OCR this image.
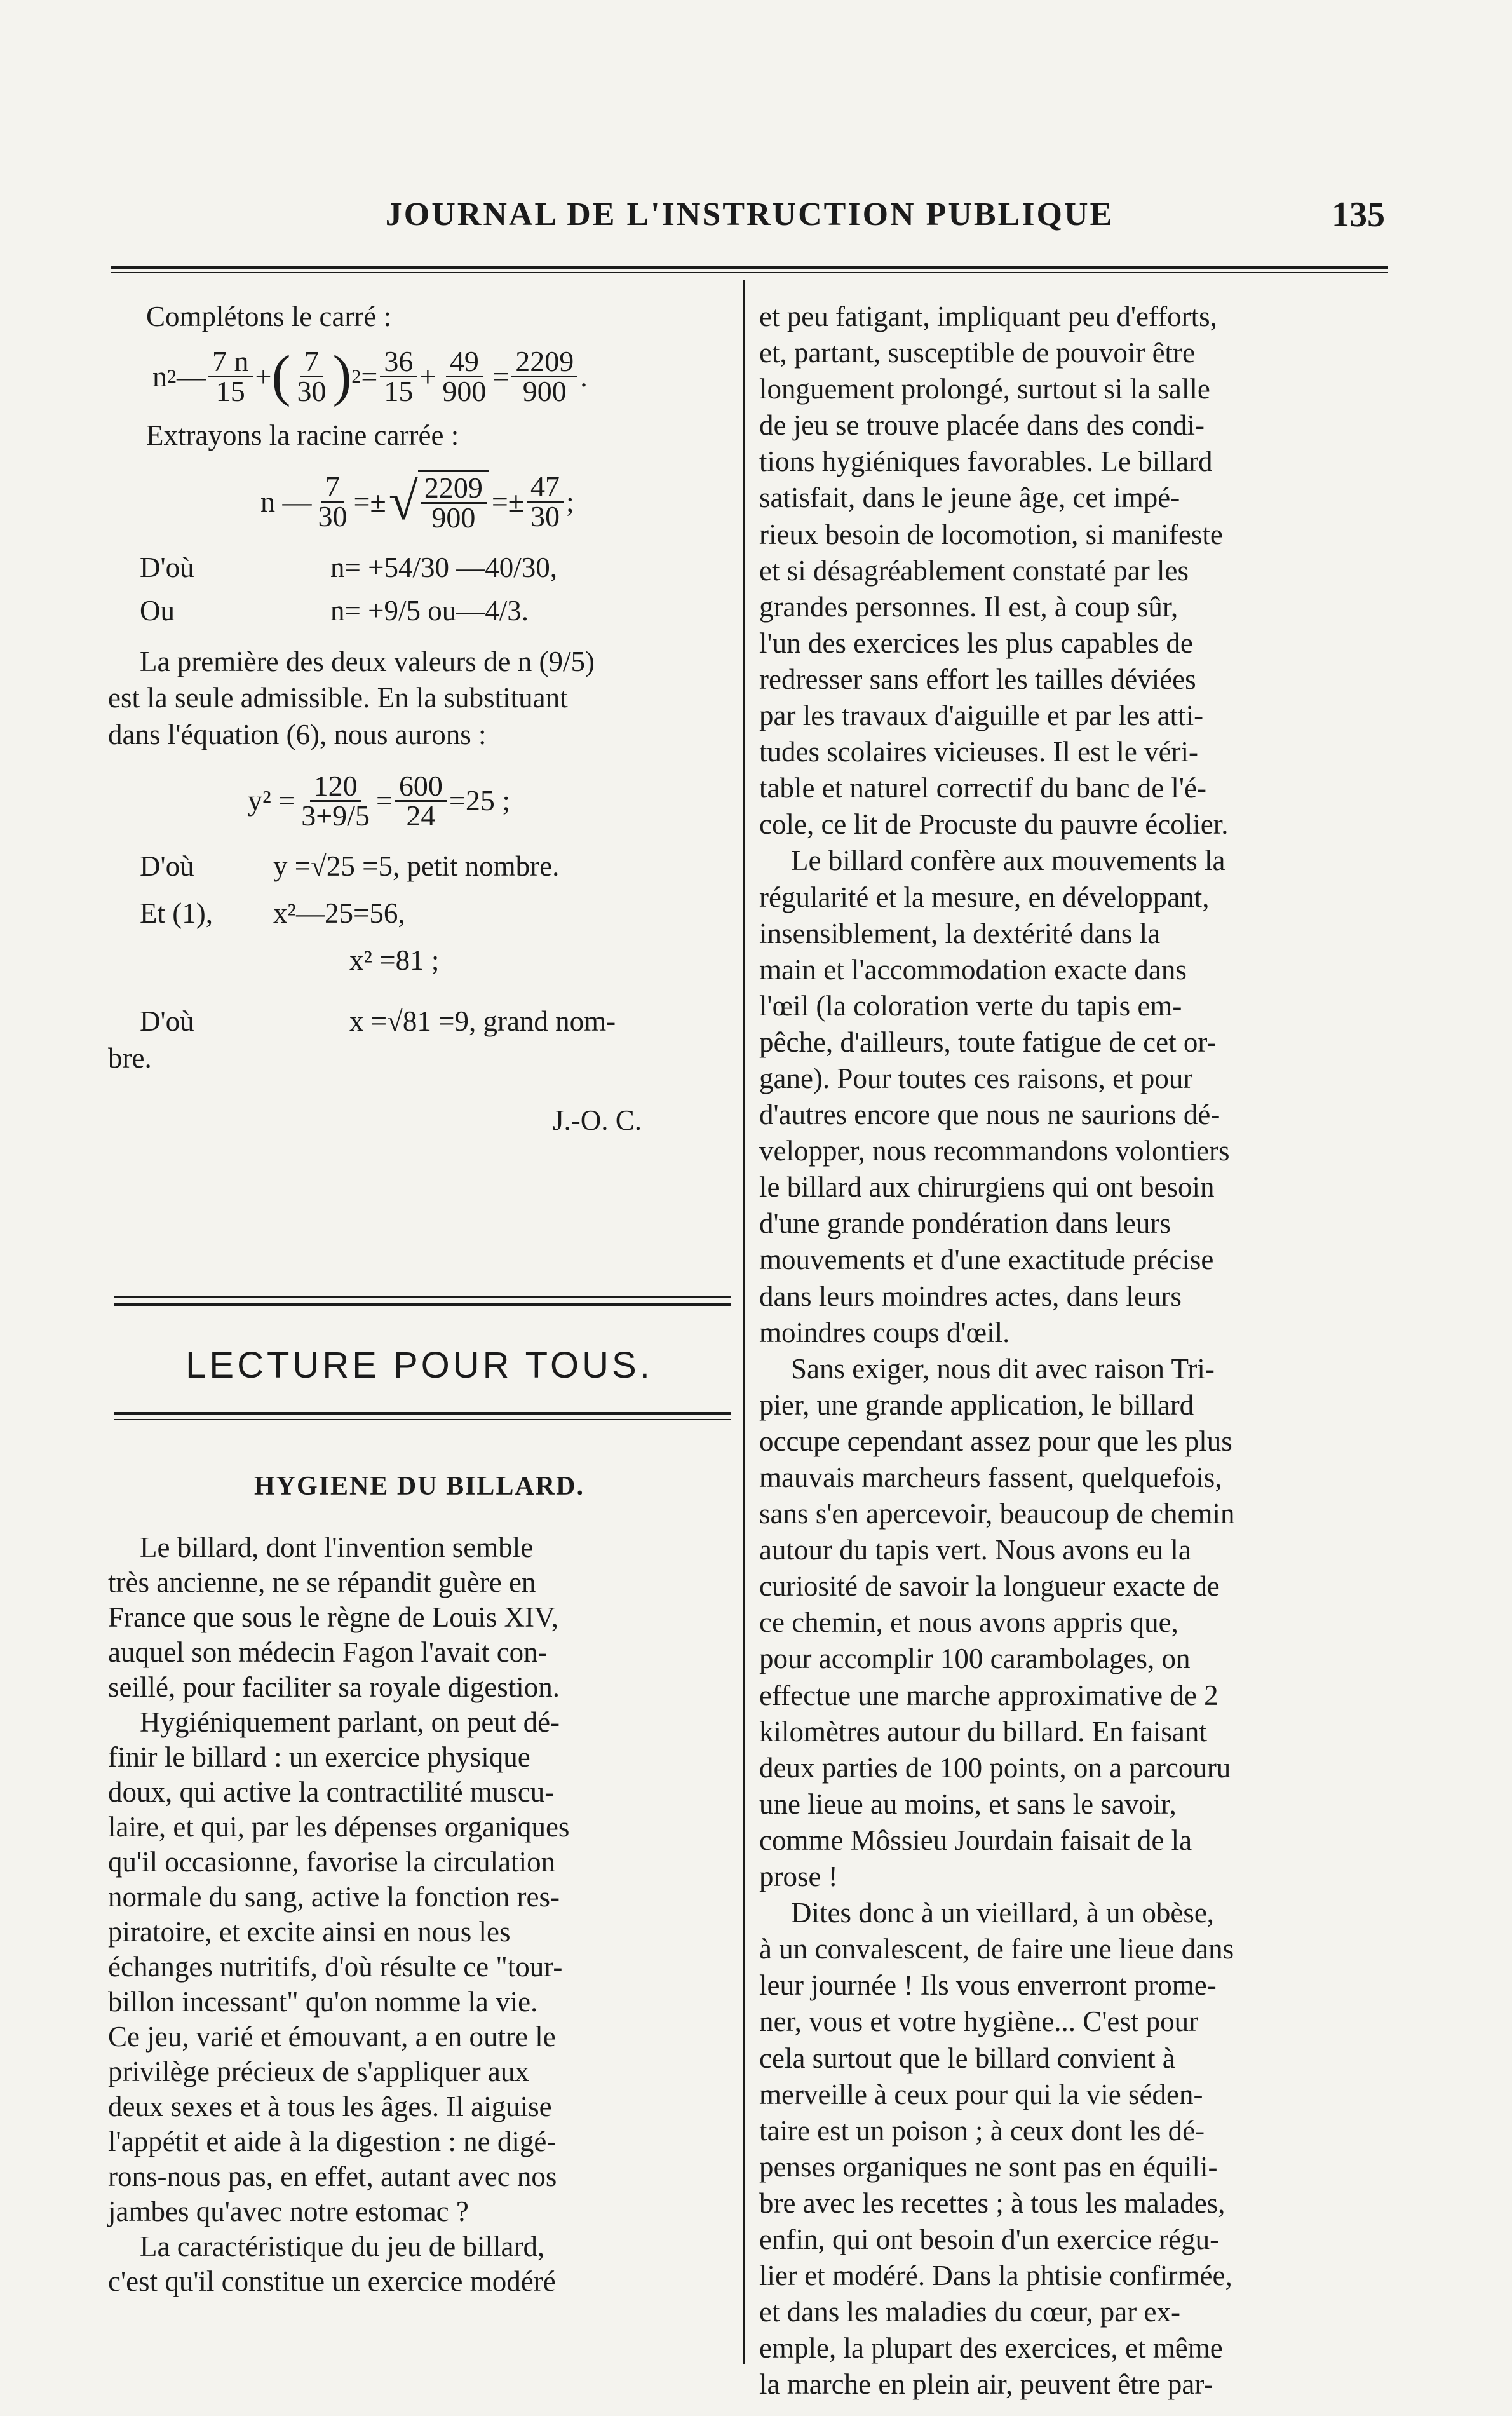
JOURNAL DE L'INSTRUCTION PUBLIQUE	135

Complétons le carré :

n 2 — $\frac{7 n}{15}$ + ( $\frac{7}{30}$ ) $2 = \frac{36}{15} + \frac{49}{900} = \frac{2209}{900}$ .

Extrayons la racine carrée :

n — $\frac{7}{30}$ =± √ $\frac{2209}{900} =\pm \frac{47}{30}$ ;
D'où	n= +54/30 —40/30,
Ou	n= +9/5 ou—4/3.
La première des deux valeurs de n (9/5)
est la seule admissible. En la substituant
dans l'équation (6), nous aurons :
$y^2 = \frac{120}{3+9/5} = \frac{600}{24} =25$ ;
D'où	y =√25 =5, petit nombre.
Et (1), x²—25=56,
x² =81 ;
D'où	x =√81 =9, grand nom-
bre.
J.-O. C.
LECTURE POUR TOUS.
HYGIENE DU BILLARD.
Le billard, dont l'invention semble
très ancienne, ne se répandit guère en
France que sous le règne de Louis XIV,
auquel son médecin Fagon l'avait con-
seillé, pour faciliter sa royale digestion.
Hygiéniquement parlant, on peut dé-
finir le billard : un exercice physique
doux, qui active la contractilité muscu-
laire, et qui, par les dépenses organiques
qu'il occasionne, favorise la circulation
normale du sang, active la fonction res-
piratoire, et excite ainsi en nous les
échanges nutritifs, d'où résulte ce "tour-
billon incessant" qu'on nomme la vie.
Ce jeu, varié et émouvant, a en outre le
privilège précieux de s'appliquer aux
deux sexes et à tous les âges. Il aiguise
l'appétit et aide à la digestion : ne digé-
rons-nous pas, en effet, autant avec nos
jambes qu'avec notre estomac ?
La caractéristique du jeu de billard,
c'est qu'il constitue un exercice modéré
et peu fatigant, impliquant peu d'efforts,
et, partant, susceptible de pouvoir être
longuement prolongé, surtout si la salle
de jeu se trouve placée dans des condi-
tions hygiéniques favorables. Le billard
satisfait, dans le jeune âge, cet impé-
rieux besoin de locomotion, si manifeste
et si désagréablement constaté par les
grandes personnes. Il est, à coup sûr,
l'un des exercices les plus capables de
redresser sans effort les tailles déviées
par les travaux d'aiguille et par les atti-
tudes scolaires vicieuses. Il est le véri-
table et naturel correctif du banc de l'é-
cole, ce lit de Procuste du pauvre écolier.
Le billard confère aux mouvements la
régularité et la mesure, en développant,
insensiblement, la dextérité dans la
main et l'accommodation exacte dans
l'œil (la coloration verte du tapis em-
pêche, d'ailleurs, toute fatigue de cet or-
gane). Pour toutes ces raisons, et pour
d'autres encore que nous ne saurions dé-
velopper, nous recommandons volontiers
le billard aux chirurgiens qui ont besoin
d'une grande pondération dans leurs
mouvements et d'une exactitude précise
dans leurs moindres actes, dans leurs
moindres coups d'œil.
Sans exiger, nous dit avec raison Tri-
pier, une grande application, le billard
occupe cependant assez pour que les plus
mauvais marcheurs fassent, quelquefois,
sans s'en apercevoir, beaucoup de chemin
autour du tapis vert. Nous avons eu la
curiosité de savoir la longueur exacte de
ce chemin, et nous avons appris que,
pour accomplir 100 carambolages, on
effectue une marche approximative de 2
kilomètres autour du billard. En faisant
deux parties de 100 points, on a parcouru
une lieue au moins, et sans le savoir,
comme Môssieu Jourdain faisait de la
prose !
Dites donc à un vieillard, à un obèse,
à un convalescent, de faire une lieue dans
leur journée ! Ils vous enverront prome-
ner, vous et votre hygiène... C'est pour
cela surtout que le billard convient à
merveille à ceux pour qui la vie séden-
taire est un poison ; à ceux dont les dé-
penses organiques ne sont pas en équili-
bre avec les recettes ; à tous les malades,
enfin, qui ont besoin d'un exercice régu-
lier et modéré. Dans la phtisie confirmée,
et dans les maladies du cœur, par ex-
emple, la plupart des exercices, et même
la marche en plein air, peuvent être par-
